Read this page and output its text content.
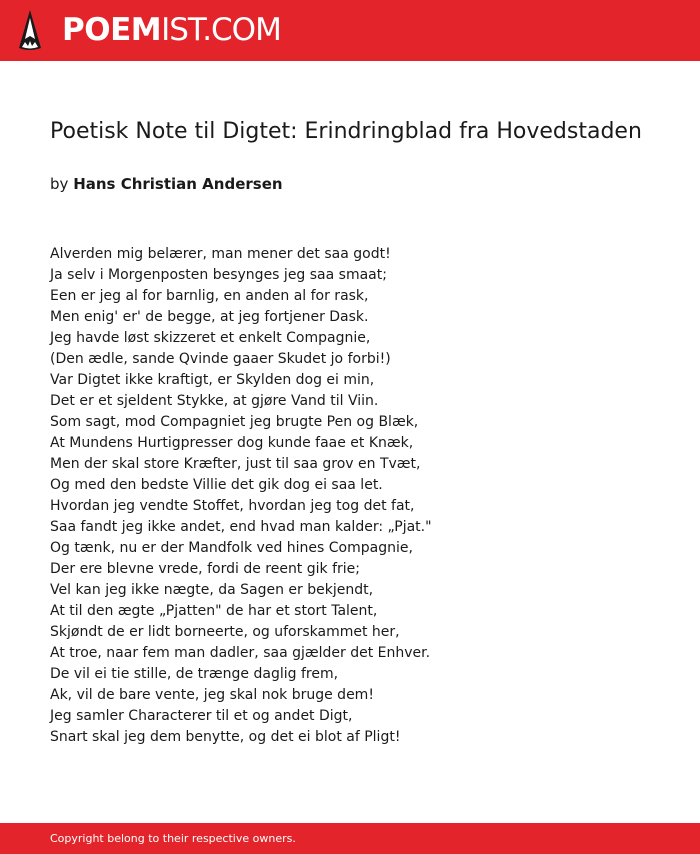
POEMIST.COM
Poetisk Note til Digtet: Erindringblad fra Hovedstaden
by Hans Christian Andersen
Alverden mig belærer, man mener det saa godt!
Ja selv i Morgenposten besynges jeg saa smaat;
Een er jeg al for barnlig, en anden al for rask,
Men enig' er' de begge, at jeg fortjener Dask.
Jeg havde løst skizzeret et enkelt Compagnie,
(Den ædle, sande Qvinde gaaer Skudet jo forbi!)
Var Digtet ikke kraftigt, er Skylden dog ei min,
Det er et sjeldent Stykke, at gjøre Vand til Viin.
Som sagt, mod Compagniet jeg brugte Pen og Blæk,
At Mundens Hurtigpresser dog kunde faae et Knæk,
Men der skal store Kræfter, just til saa grov en Tvæt,
Og med den bedste Villie det gik dog ei saa let.
Hvordan jeg vendte Stoffet, hvordan jeg tog det fat,
Saa fandt jeg ikke andet, end hvad man kalder: „Pjat."
Og tænk, nu er der Mandfolk ved hines Compagnie,
Der ere blevne vrede, fordi de reent gik frie;
Vel kan jeg ikke nægte, da Sagen er bekjendt,
At til den ægte „Pjatten" de har et stort Talent,
Skjøndt de er lidt borneerte, og uforskammet her,
At troe, naar fem man dadler, saa gjælder det Enhver.
De vil ei tie stille, de trænge daglig frem,
Ak, vil de bare vente, jeg skal nok bruge dem!
Jeg samler Characterer til et og andet Digt,
Snart skal jeg dem benytte, og det ei blot af Pligt!
Copyright belong to their respective owners.
